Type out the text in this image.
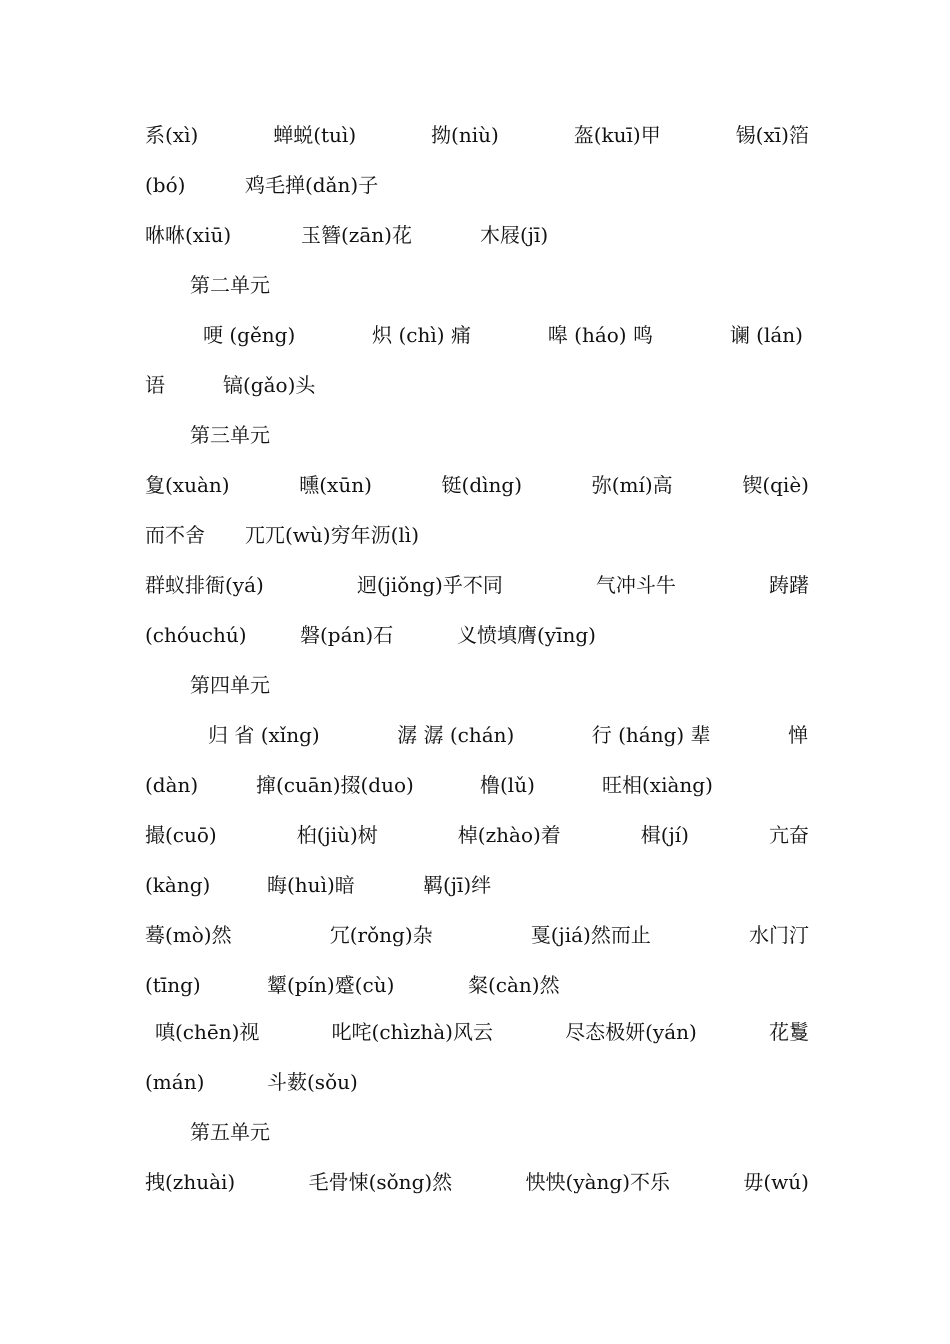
系(xì)	蝉蜕(tuì)	拗(niù)	盔(kuī)甲	锡(xī)箔
(bó)	鸡毛掸(dǎn)子
咻咻(xiū)	玉簪(zān)花	木屐(jī)
第二单元
哽 (gěng)	炽 (chì) 痛	嗥 (háo) 鸣	谰 (lán)
语	镐(gǎo)头
第三单元
夐(xuàn)	曛(xūn)	铤(dìng)	弥(mí)高	锲(qiè)
而不舍 兀兀(wù)穷年沥(lì)
群蚁排衙(yá)	迥(jiǒng)乎不同	气冲斗牛	踌躇
(chóuchú)	磐(pán)石	义愤填膺(yīng)
第四单元
归 省 (xǐng)	潺 潺 (chán)	行 (háng) 辈	惮
(dàn)	撺(cuān)掇(duo)	橹(lǔ)	旺相(xiàng)
撮(cuō)	桕(jiù)树	棹(zhào)着	楫(jí)	亢奋
(kàng)	晦(huì)暗	羁(jī)绊
蓦(mò)然	冗(rǒng)杂	戛(jiá)然而止	水门汀
(tīng)	颦(pín)蹙(cù)	粲(càn)然
嗔(chēn)视	叱咤(chìzhà)风云	尽态极妍(yán)	花鬘
(mán)	斗薮(sǒu)
第五单元
拽(zhuài)	毛骨悚(sǒng)然	怏怏(yàng)不乐	毋(wú)
